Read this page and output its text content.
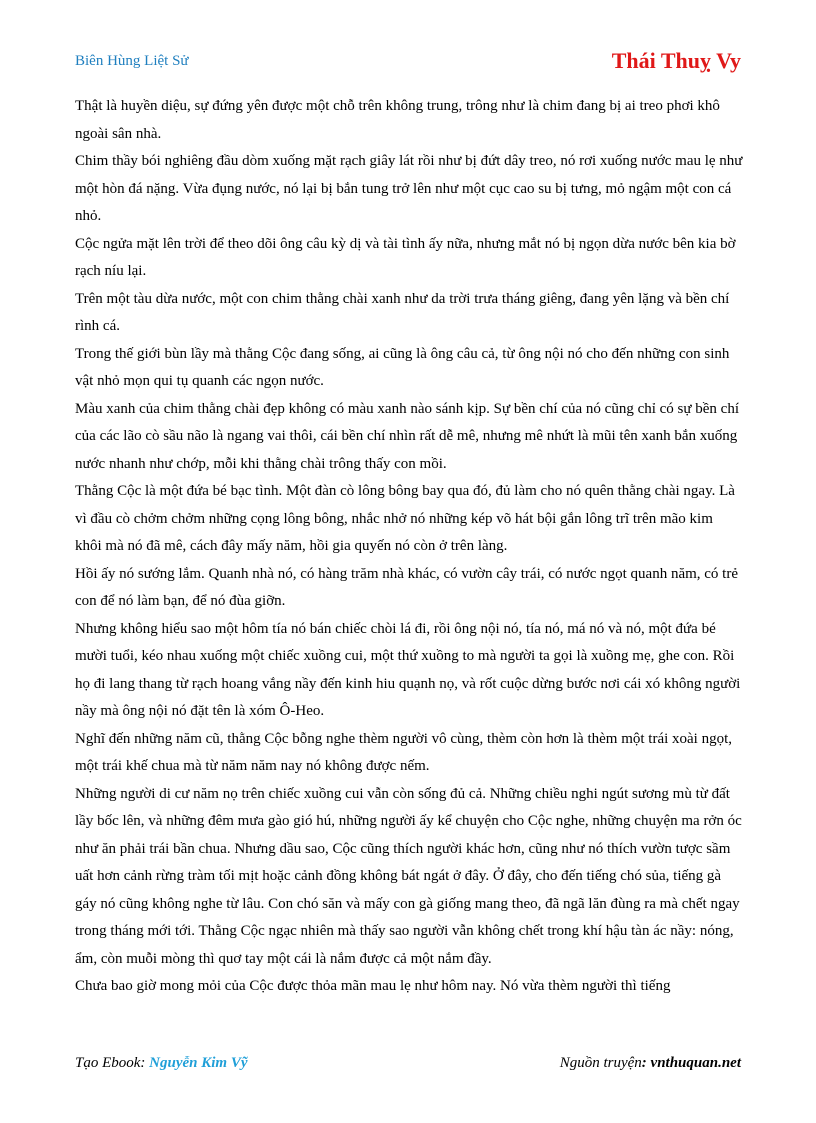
Biên Hùng Liệt Sử	Thái Thuỵ Vy

Thật là huyền diệu, sự đứng yên được một chỗ trên không trung, trông như là chim đang bị ai treo phơi khô ngoài sân nhà.

Chim thầy bói nghiêng đầu dòm xuống mặt rạch giây lát rồi như bị đứt dây treo, nó rơi xuống nước mau lẹ như một hòn đá nặng. Vừa đụng nước, nó lại bị bắn tung trở lên như một cục cao su bị tưng, mỏ ngậm một con cá nhỏ.

Cộc ngửa mặt lên trời để theo dõi ông câu kỳ dị và tài tình ấy nữa, nhưng mắt nó bị ngọn dừa nước bên kia bờ rạch níu lại.

Trên một tàu dừa nước, một con chim thằng chài xanh như da trời trưa tháng giêng, đang yên lặng và bền chí rình cá.

Trong thế giới bùn lầy mà thằng Cộc đang sống, ai cũng là ông câu cả, từ ông nội nó cho đến những con sinh vật nhỏ mọn qui tụ quanh các ngọn nước.

Màu xanh của chim thằng chài đẹp không có màu xanh nào sánh kịp. Sự bền chí của nó cũng chỉ có sự bền chí của các lão cò sầu não là ngang vai thôi, cái bền chí nhìn rất dễ mê, nhưng mê nhứt là mũi tên xanh bắn xuống nước nhanh như chớp, mỗi khi thằng chài trông thấy con mồi.

Thằng Cộc là một đứa bé bạc tình. Một đàn cò lông bông bay qua đó, đủ làm cho nó quên thằng chài ngay. Là vì đầu cò chởm chởm những cọng lông bông, nhắc nhở nó những kép võ hát bội gắn lông trĩ trên mão kim khôi mà nó đã mê, cách đây mấy năm, hồi gia quyến nó còn ở trên làng.

Hồi ấy nó sướng lắm. Quanh nhà nó, có hàng trăm nhà khác, có vườn cây trái, có nước ngọt quanh năm, có trẻ con để nó làm bạn, để nó đùa giỡn.

Nhưng không hiểu sao một hôm tía nó bán chiếc chòi lá đi, rồi ông nội nó, tía nó, má nó và nó, một đứa bé mười tuổi, kéo nhau xuống một chiếc xuồng cui, một thứ xuồng to mà người ta gọi là xuồng mẹ, ghe con. Rồi họ đi lang thang từ rạch hoang vắng nầy đến kinh hiu quạnh nọ, và rốt cuộc dừng bước nơi cái xó không người nầy mà ông nội nó đặt tên là xóm Ô-Heo.

Nghĩ đến những năm cũ, thằng Cộc bỗng nghe thèm người vô cùng, thèm còn hơn là thèm một trái xoài ngọt, một trái khế chua mà từ năm năm nay nó không được nếm.

Những người di cư năm nọ trên chiếc xuồng cui vẫn còn sống đủ cả. Những chiều nghi ngút sương mù từ đất lầy bốc lên, và những đêm mưa gào gió hú, những người ấy kể chuyện cho Cộc nghe, những chuyện ma rởn óc như ăn phải trái bần chua. Nhưng dầu sao, Cộc cũng thích người khác hơn, cũng như nó thích vườn tược sầm uất hơn cảnh rừng tràm tối mịt hoặc cảnh đồng không bát ngát ở đây. Ở đây, cho đến tiếng chó sủa, tiếng gà gáy nó cũng không nghe từ lâu. Con chó săn và mấy con gà giống mang theo, đã ngã lăn đùng ra mà chết ngay trong tháng mới tới. Thằng Cộc ngạc nhiên mà thấy sao người vẫn không chết trong khí hậu tàn ác nầy: nóng, ẩm, còn muỗi mòng thì quơ tay một cái là nắm được cả một nắm đầy.

Chưa bao giờ mong mỏi của Cộc được thỏa mãn mau lẹ như hôm nay. Nó vừa thèm người thì tiếng

Tạo Ebook: Nguyễn Kim Vỹ	Nguồn truyện: vnthuquan.net
